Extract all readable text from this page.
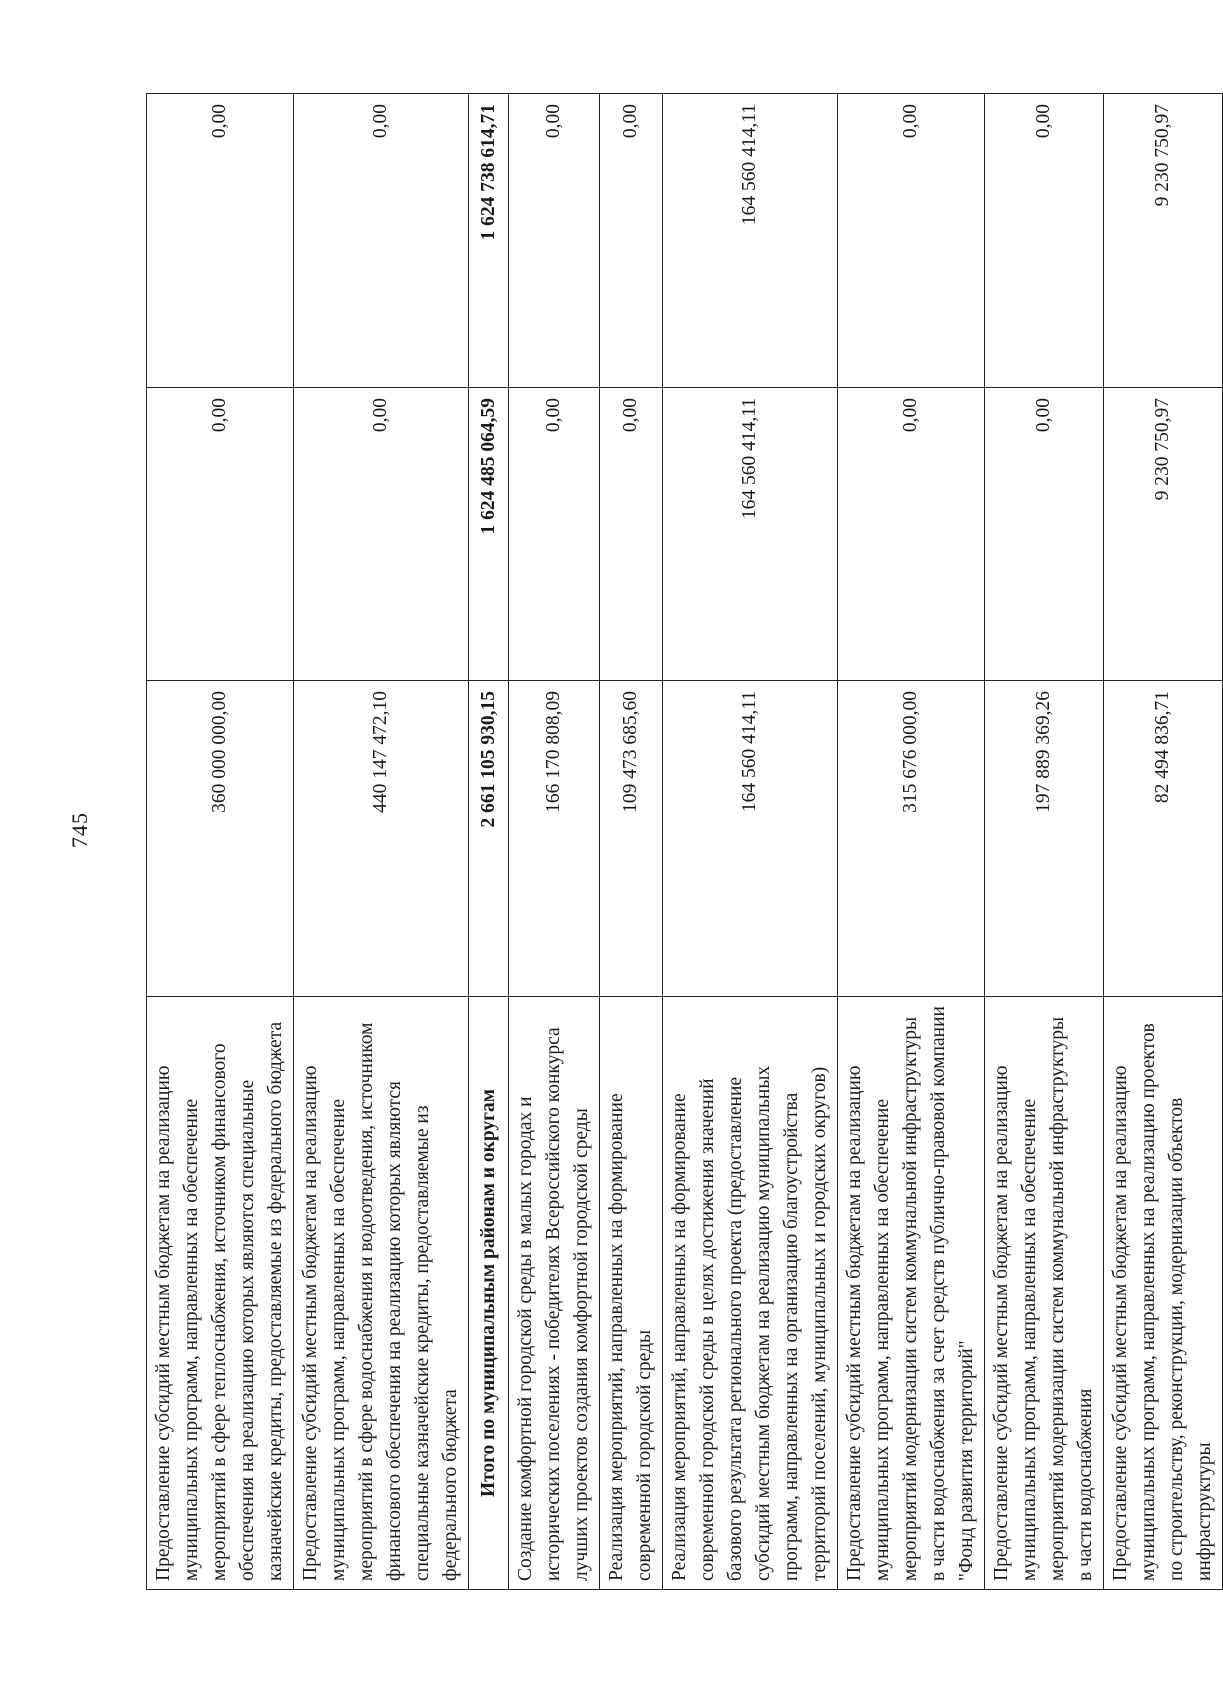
745
Предоставление субсидий местным бюджетам на реализацию муниципальных программ, направленных на обеспечение мероприятий в сфере теплоснабжения, источником финансового обеспечения на реализацию которых являются специальные казначейские кредиты, предоставляемые из федерального бюджета	360 000 000,00	0,00	0,00
Предоставление субсидий местным бюджетам на реализацию муниципальных программ, направленных на обеспечение мероприятий в сфере водоснабжения и водоотведения, источником финансового обеспечения на реализацию которых являются специальные казначейские кредиты, предоставляемые из федерального бюджета	440 147 472,10	0,00	0,00
Итого по муниципальным районам и округам	2 661 105 930,15	1 624 485 064,59	1 624 738 614,71
Создание комфортной городской среды в малых городах и исторических поселениях - победителях Всероссийского конкурса лучших проектов создания комфортной городской среды	166 170 808,09	0,00	0,00
Реализация мероприятий, направленных на формирование современной городской среды	109 473 685,60	0,00	0,00
Реализация мероприятий, направленных на формирование современной городской среды в целях достижения значений базового результата регионального проекта (предоставление субсидий местным бюджетам на реализацию муниципальных программ, направленных на организацию благоустройства территорий поселений, муниципальных и городских округов)	164 560 414,11	164 560 414,11	164 560 414,11
Предоставление субсидий местным бюджетам на реализацию муниципальных программ, направленных на обеспечение мероприятий модернизации систем коммунальной инфраструктуры в части водоснабжения за счет средств публично-правовой компании "Фонд развития территорий"	315 676 000,00	0,00	0,00
Предоставление субсидий местным бюджетам на реализацию муниципальных программ, направленных на обеспечение мероприятий модернизации систем коммунальной инфраструктуры в части водоснабжения	197 889 369,26	0,00	0,00
Предоставление субсидий местным бюджетам на реализацию муниципальных программ, направленных на реализацию проектов по строительству, реконструкции, модернизации объектов инфраструктуры	82 494 836,71	9 230 750,97	9 230 750,97
